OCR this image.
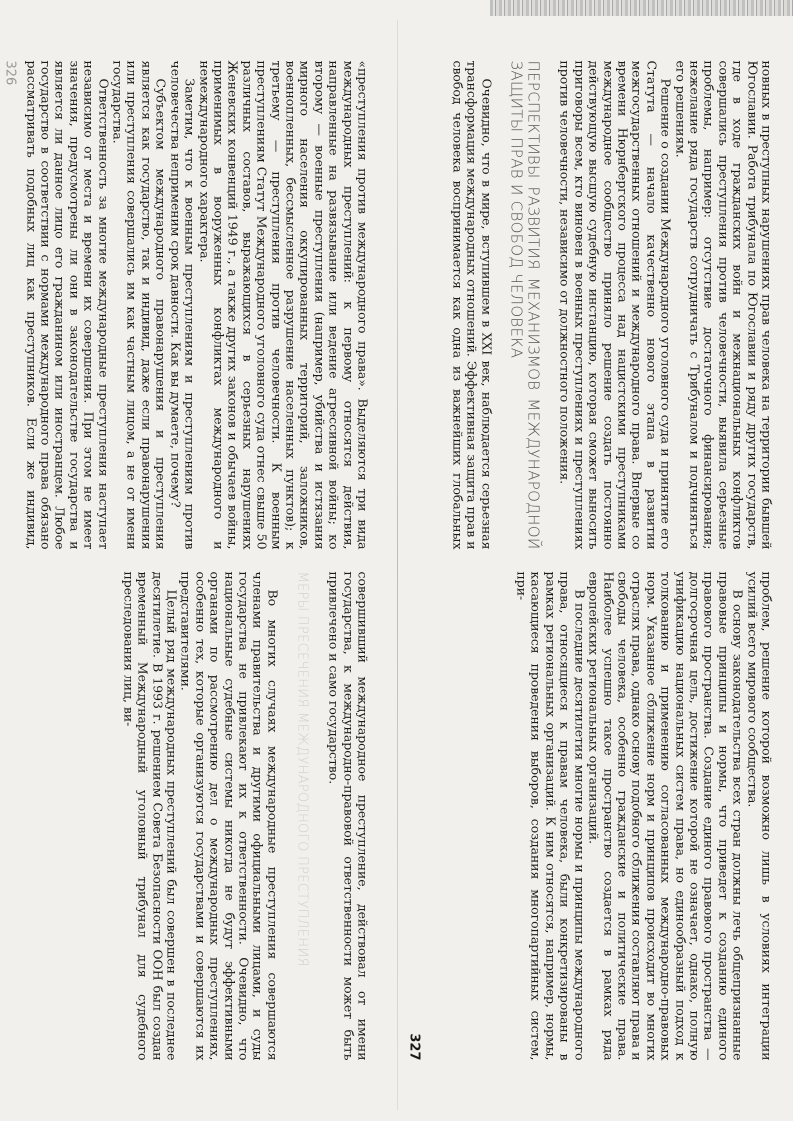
«преступления против международного права». Выделяются три вида международных преступлений: к первому относятся действия, направленные на развязывание или ведение агрессивной войны; ко второму — военные преступления (например, убийства и истязания мирного населения оккупированных территорий, заложников, военнопленных, бессмысленное разрушение населенных пунктов); к третьему — преступления против человечности. К военным преступлениям Статут Международного уголовного суда отнес свыше 50 различных составов, выражающихся в серьезных нарушениях Женевских конвенций 1949 г., а также других законов и обычаев войны, применимых в вооруженных конфликтах международного и немеждународного характера.

Заметим, что к военным преступлениям и преступлениям против человечества неприменим срок давности. Как вы думаете, почему?

Субъектом международного правонарушения и преступления является как государство, так и индивид, даже если правонарушения или преступления совершались им как частным лицом, а не от имени государства.

Ответственность за многие международные преступления наступает независимо от места и времени их совершения. При этом не имеет значения, предусмотрены ли они в законодательстве государства и является ли данное лицо его гражданином или иностранцем. Любое государство в соответствии с нормами международного права обязано рассматривать подобных лиц как преступников. Если же индивид, совершивший международное преступление, действовал от имени государства, к международно-правовой ответственности может быть привлечено и само государство.

МЕРЫ ПРЕСЕЧЕНИЯ МЕЖДУНАРОДНОГО ПРЕСТУПЛЕНИЯ

Во многих случаях международные преступления совершаются членами правительства и другими официальными лицами, и суды государства не привлекают их к ответственности. Очевидно, что национальные судебные системы никогда не будут эффективными органами по рассмотрению дел о международных преступлениях, особенно тех, которые организуются государствами и совершаются их представителями.

Целый ряд международных преступлений был совершен в последнее десятилетие. В 1993 г. решением Совета Безопасности ООН был создан временный Международный уголовный трибунал для судебного преследования лиц, ви-

326	новных в преступных нарушениях прав человека на территории бывшей Югославии. Работа трибунала по Югославии и ряду других государств, где в ходе гражданских войн и межнациональных конфликтов совершались преступления против человечности, выявила серьезные проблемы, например: отсутствие достаточного финансирования; нежелание ряда государств сотрудничать с Трибуналом и подчиняться его решениям.

Решение о создании Международного уголовного суда и принятие его Статута — начало качественно нового этапа в развитии межгосударственных отношений и международного права. Впервые со времени Нюрнбергского процесса над нацистскими преступниками международное сообщество приняло решение создать постоянно действующую высшую судебную инстанцию, которая сможет выносить приговоры всем, кто виновен в военных преступлениях и преступлениях против человечности, независимо от должностного положения.

ПЕРСПЕКТИВЫ РАЗВИТИЯ МЕХАНИЗМОВ МЕЖДУНАРОДНОЙ ЗАЩИТЫ ПРАВ И СВОБОД ЧЕЛОВЕКА

Очевидно, что в мире, вступившем в XXI век, наблюдается серьезная трансформация международных отношений. Эффективная защита прав и свобод человека воспринимается как одна из важнейших глобальных проблем, решение которой возможно лишь в условиях интеграции усилий всего мирового сообщества.

В основу законодательства всех стран должны лечь общепризнанные правовые принципы и нормы, что приведет к созданию единого правового пространства. Создание единого правового пространства — долгосрочная цель, достижение которой не означает, однако, полную унификацию национальных систем права, но единообразный подход к толкованию и применению согласованных международно-правовых норм. Указанное сближение норм и принципов происходит во многих отраслях права, однако основу подобного сближения составляют права и свободы человека, особенно гражданские и политические права. Наиболее успешно такое пространство создается в рамках ряда европейских региональных организаций.

В последние десятилетия многие нормы и принципы международного права, относящиеся к правам человека, были конкретизированы в рамках региональных организаций. К ним относятся, например, нормы, касающиеся проведения выборов, создания многопартийных систем, при-

327
